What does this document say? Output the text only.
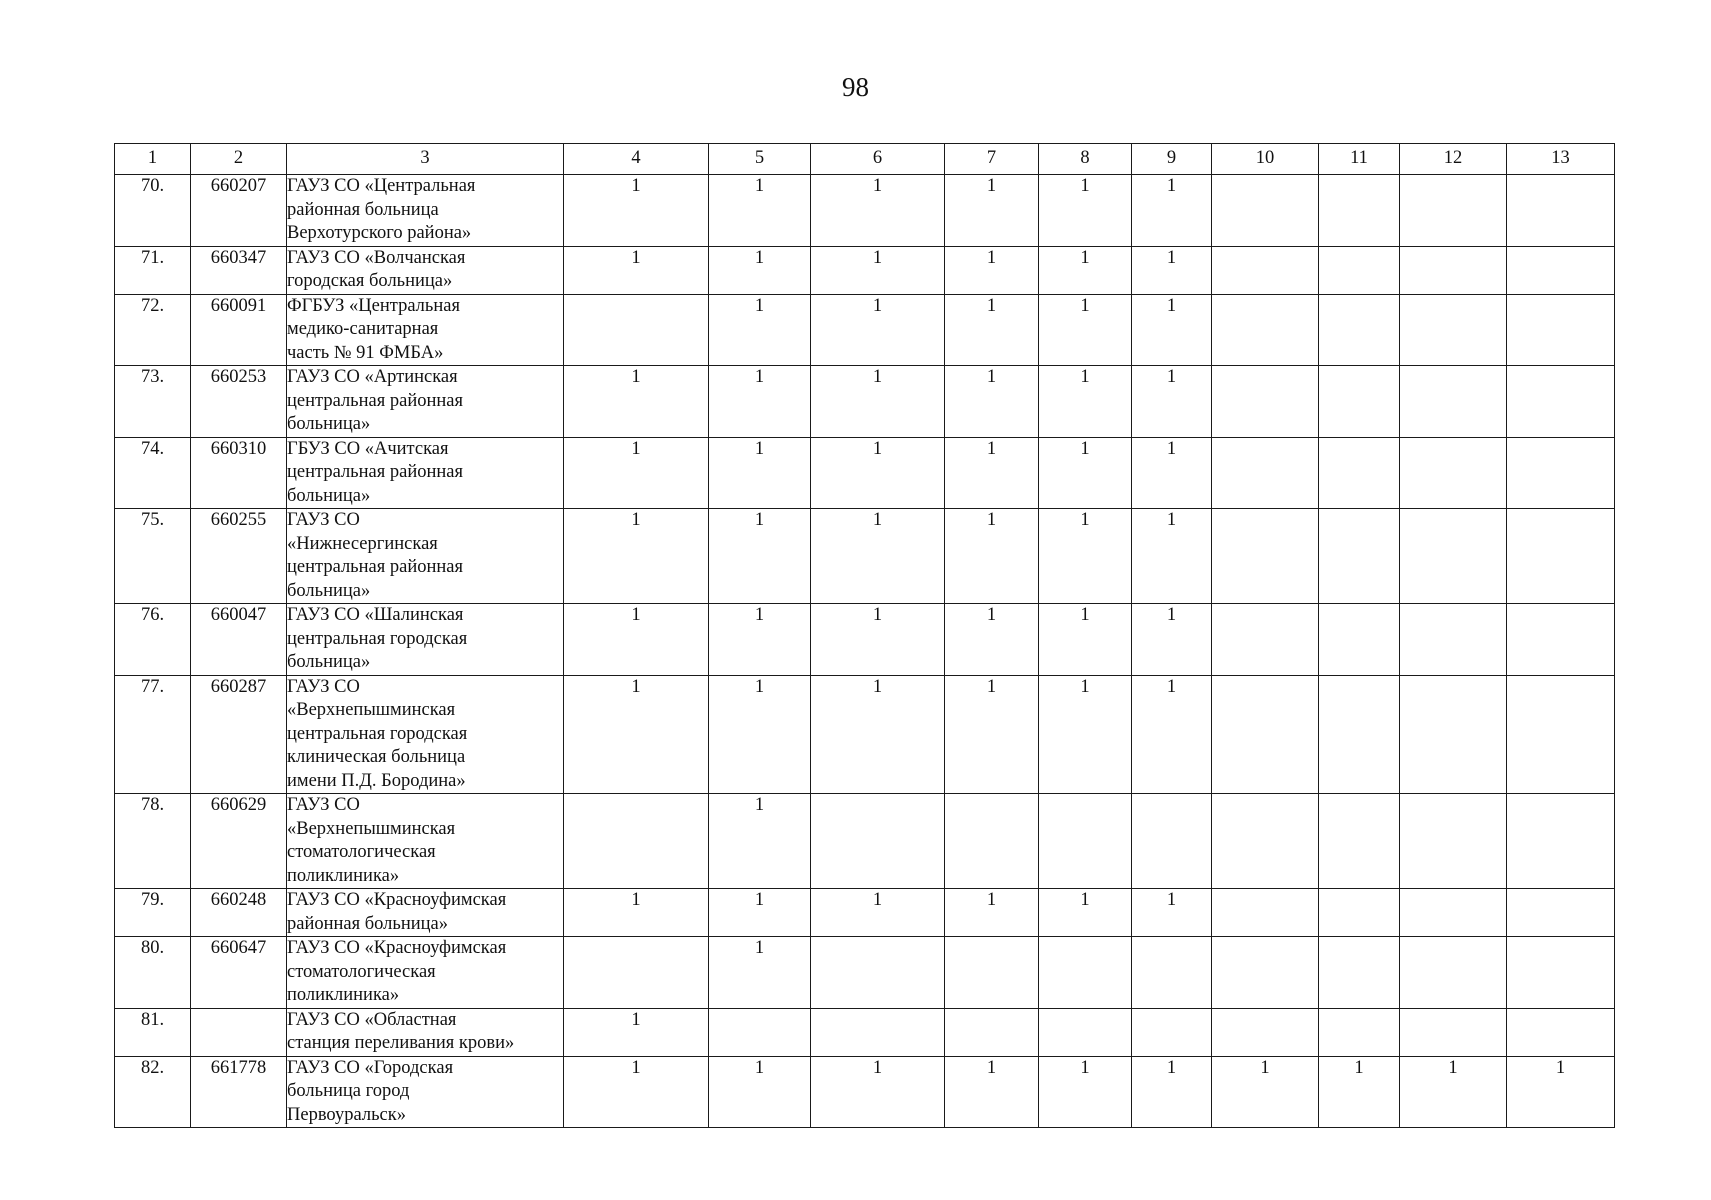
98
1	2	3	4	5	6	7	8	9	10	11	12	13
70.	660207	ГАУЗ СО «Центральная
районная больница
Верхотурского района»	1	1	1	1	1	1				
71.	660347	ГАУЗ СО «Волчанская
городская больница»	1	1	1	1	1	1				
72.	660091	ФГБУЗ «Центральная
медико-санитарная
часть № 91 ФМБА»		1	1	1	1	1				
73.	660253	ГАУЗ СО «Артинская
центральная районная
больница»	1	1	1	1	1	1				
74.	660310	ГБУЗ СО «Ачитская
центральная районная
больница»	1	1	1	1	1	1				
75.	660255	ГАУЗ СО
«Нижнесергинская
центральная районная
больница»	1	1	1	1	1	1				
76.	660047	ГАУЗ СО «Шалинская
центральная городская
больница»	1	1	1	1	1	1				
77.	660287	ГАУЗ СО
«Верхнепышминская
центральная городская
клиническая больница
имени П.Д. Бородина»	1	1	1	1	1	1				
78.	660629	ГАУЗ СО
«Верхнепышминская
стоматологическая
поликлиника»		1								
79.	660248	ГАУЗ СО «Красноуфимская
районная больница»	1	1	1	1	1	1				
80.	660647	ГАУЗ СО «Красноуфимская
стоматологическая
поликлиника»		1								
81.		ГАУЗ СО «Областная
станция переливания крови»	1									
82.	661778	ГАУЗ СО «Городская
больница город
Первоуральск»	1	1	1	1	1	1	1	1	1	1
